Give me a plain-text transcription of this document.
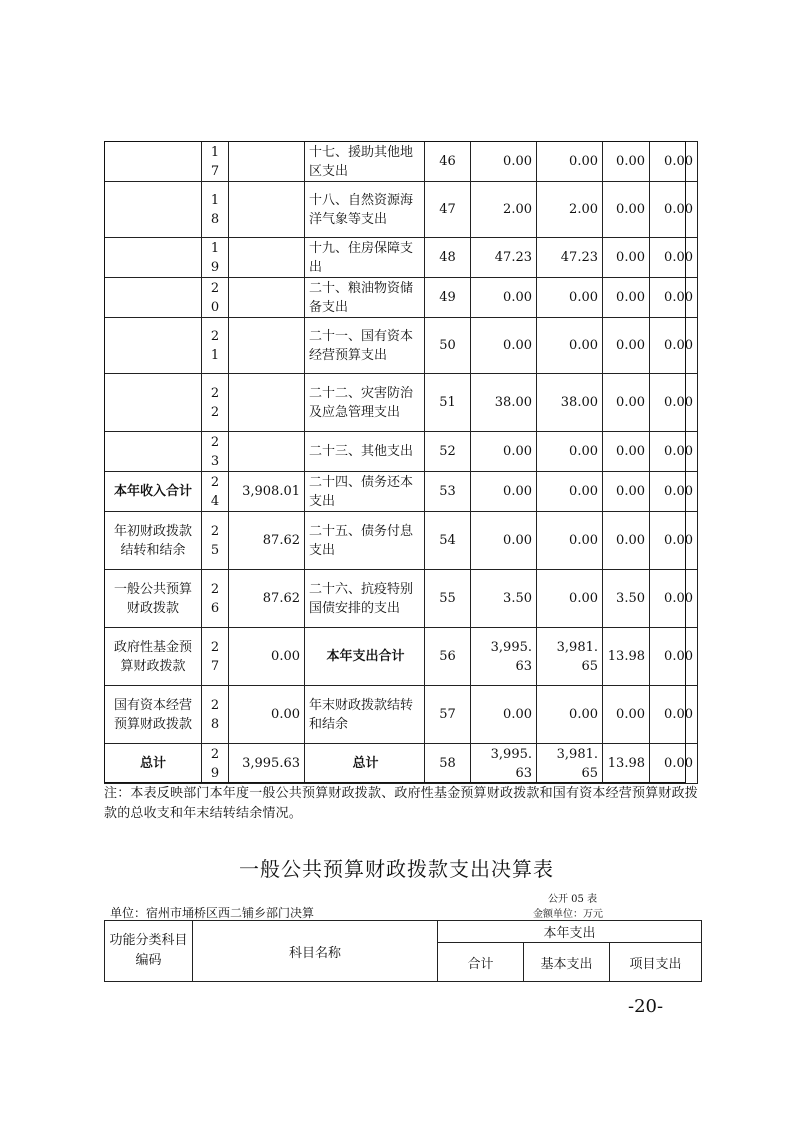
	17		十七、援助其他地区支出	46	0.00	0.00	0.00	0.00
	18		十八、自然资源海洋气象等支出	47	2.00	2.00	0.00	0.00
	19		十九、住房保障支出	48	47.23	47.23	0.00	0.00
	20		二十、粮油物资储备支出	49	0.00	0.00	0.00	0.00
	21		二十一、国有资本经营预算支出	50	0.00	0.00	0.00	0.00
	22		二十二、灾害防治及应急管理支出	51	38.00	38.00	0.00	0.00
	23		二十三、其他支出	52	0.00	0.00	0.00	0.00
本年收入合计	24	3,908.01	二十四、债务还本支出	53	0.00	0.00	0.00	0.00
年初财政拨款结转和结余	25	87.62	二十五、债务付息支出	54	0.00	0.00	0.00	0.00
一般公共预算财政拨款	26	87.62	二十六、抗疫特别国债安排的支出	55	3.50	0.00	3.50	0.00
政府性基金预算财政拨款	27	0.00	本年支出合计	56	3,995.63	3,981.65	13.98	0.00
国有资本经营预算财政拨款	28	0.00	年末财政拨款结转和结余	57	0.00	0.00	0.00	0.00
总计	29	3,995.63	总计	58	3,995.63	3,981.65	13.98	0.00
注：本表反映部门本年度一般公共预算财政拨款、政府性基金预算财政拨款和国有资本经营预算财政拨款的总收支和年末结转结余情况。
一般公共预算财政拨款支出决算表
公开 05 表
单位：宿州市埇桥区西二铺乡部门决算	金额单位：万元
功能分类科目编码	科目名称	本年支出		
		合计	基本支出	项目支出
-20-
